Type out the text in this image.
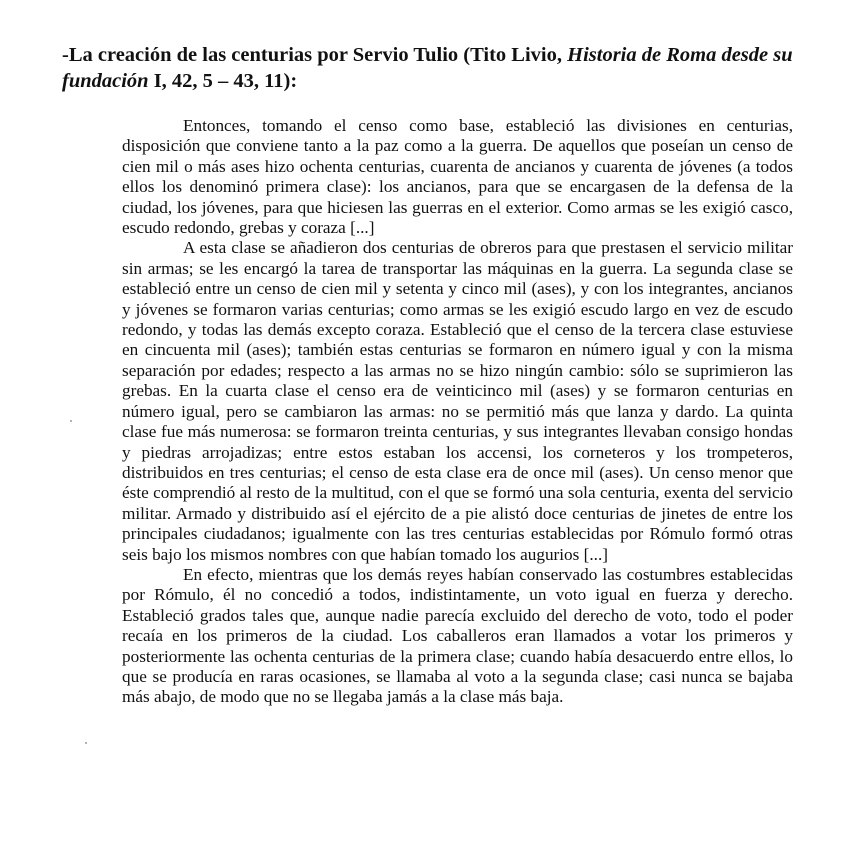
-La creación de las centurias por Servio Tulio (Tito Livio, Historia de Roma desde su fundación I, 42, 5 – 43, 11):

Entonces, tomando el censo como base, estableció las divisiones en centurias, disposición que conviene tanto a la paz como a la guerra. De aquellos que poseían un censo de cien mil o más ases hizo ochenta centurias, cuarenta de ancianos y cuarenta de jóvenes (a todos ellos los denominó primera clase): los ancianos, para que se encargasen de la defensa de la ciudad, los jóvenes, para que hiciesen las guerras en el exterior. Como armas se les exigió casco, escudo redondo, grebas y coraza [...]

A esta clase se añadieron dos centurias de obreros para que prestasen el servicio militar sin armas; se les encargó la tarea de transportar las máquinas en la guerra. La segunda clase se estableció entre un censo de cien mil y setenta y cinco mil (ases), y con los integrantes, ancianos y jóvenes se formaron varias centurias; como armas se les exigió escudo largo en vez de escudo redondo, y todas las demás excepto coraza. Estableció que el censo de la tercera clase estuviese en cincuenta mil (ases); también estas centurias se formaron en número igual y con la misma separación por edades; respecto a las armas no se hizo ningún cambio: sólo se suprimieron las grebas. En la cuarta clase el censo era de veinticinco mil (ases) y se formaron centurias en número igual, pero se cambiaron las armas: no se permitió más que lanza y dardo. La quinta clase fue más numerosa: se formaron treinta centurias, y sus integrantes llevaban consigo hondas y piedras arrojadizas; entre estos estaban los accensi, los corneteros y los trompeteros, distribuidos en tres centurias; el censo de esta clase era de once mil (ases). Un censo menor que éste comprendió al resto de la multitud, con el que se formó una sola centuria, exenta del servicio militar. Armado y distribuido así el ejército de a pie alistó doce centurias de jinetes de entre los principales ciudadanos; igualmente con las tres centurias establecidas por Rómulo formó otras seis bajo los mismos nombres con que habían tomado los augurios [...]

En efecto, mientras que los demás reyes habían conservado las costumbres establecidas por Rómulo, él no concedió a todos, indistintamente, un voto igual en fuerza y derecho. Estableció grados tales que, aunque nadie parecía excluido del derecho de voto, todo el poder recaía en los primeros de la ciudad. Los caballeros eran llamados a votar los primeros y posteriormente las ochenta centurias de la primera clase; cuando había desacuerdo entre ellos, lo que se producía en raras ocasiones, se llamaba al voto a la segunda clase; casi nunca se bajaba más abajo, de modo que no se llegaba jamás a la clase más baja.
